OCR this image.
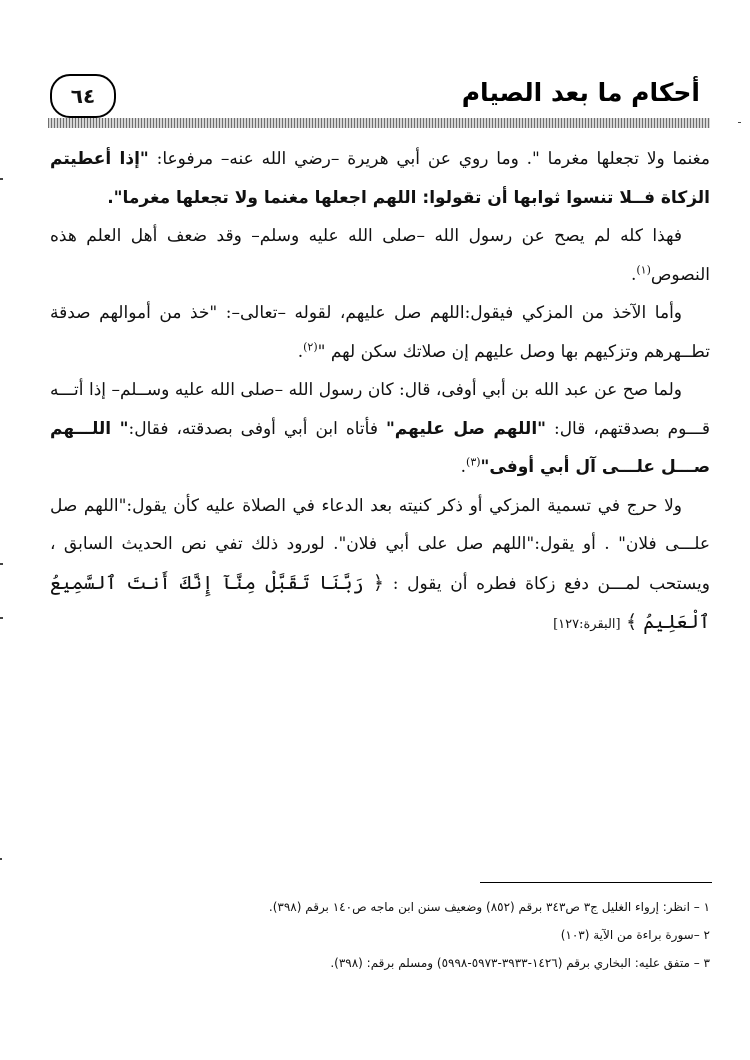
أحكام ما بعد الصيام
٦٤

مغنما ولا تجعلها مغرما ". وما روي عن أبي هريرة –رضي الله عنه– مرفوعا: "إذا أعطيتم الزكاة فــلا تنسوا ثوابها أن تقولوا: اللهم اجعلها مغنما ولا تجعلها مغرما".

فهذا كله لم يصح عن رسول الله –صلى الله عليه وسلم– وقد ضعف أهل العلم هذه النصوص$^{(١)}$.

وأما الآخذ من المزكي فيقول:اللهم صل عليهم، لقوله –تعالى–: "خذ من أموالهم صدقة تطــهرهم وتزكيهم بها وصل عليهم إن صلاتك سكن لهم "$^{(٢)}$.

ولما صح عن عبد الله بن أبي أوفى، قال: كان رسول الله –صلى الله عليه وســلم– إذا أتـــه قـــوم بصدقتهم، قال: "اللهم صل عليهم" فأتاه ابن أبي أوفى بصدقته، فقال:" اللـــهم صـــل علـــى آل أبي أوفى"$^{(٣)}$.

ولا حرج في تسمية المزكي أو ذكر كنيته بعد الدعاء في الصلاة عليه كأن يقول:"اللهم صل علـــى فلان" . أو يقول:"اللهم صل على أبي فلان". لورود ذلك تفي نص الحديث السابق ، ويستحب لمـــن دفع زكاة فطره أن يقول : ﴿ رَبَّنَا تَقَبَّلْ مِنَّآ إِنَّكَ أَنتَ ٱلسَّمِيعُ ٱلْعَلِيمُ ﴾ [البقرة:١٢٧]

١ – انظر: إرواء الغليل ج٣ ص٣٤٣ برقم (٨٥٢) وضعيف سنن ابن ماجه ص١٤٠ برقم (٣٩٨).
٢ –سورة براءة من الآية (١٠٣)
٣ – متفق عليه: البخاري برقم (١٤٢٦-٣٩٣٣-٥٩٧٣-٥٩٩٨) ومسلم برقم: (٣٩٨).
